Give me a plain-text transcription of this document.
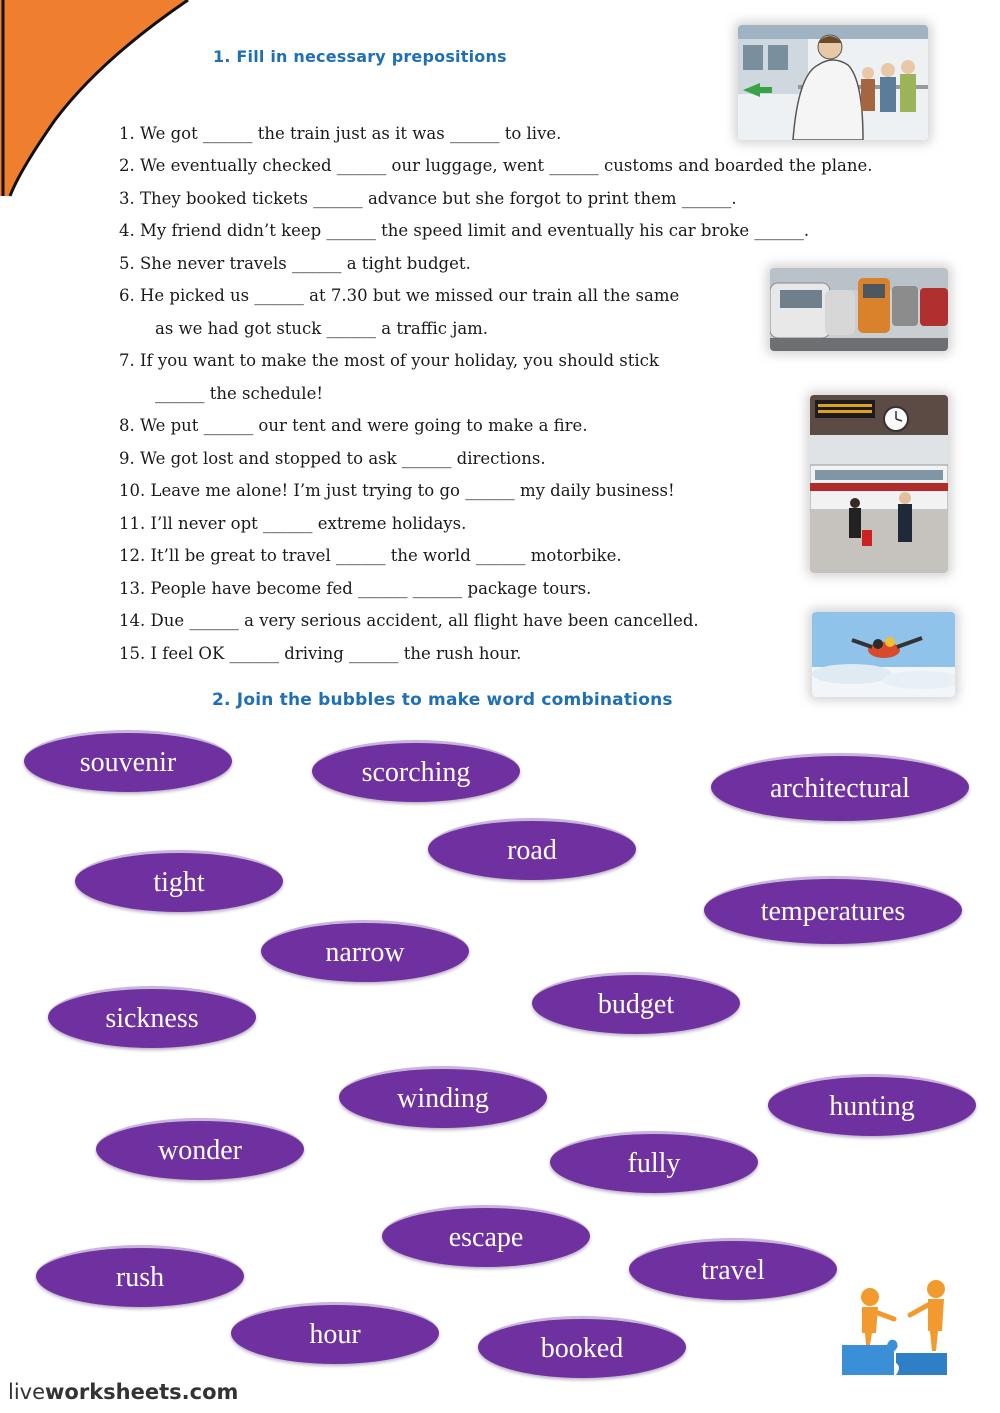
1. Fill in necessary prepositions
1. We got ______ the train just as it was ______ to live.
2. We eventually checked ______ our luggage, went ______ customs and boarded the plane.
3. They booked tickets ______ advance but she forgot to print them ______.
4. My friend didn’t keep ______ the speed limit and eventually his car broke ______.
5. She never travels ______ a tight budget.
6. He picked us ______ at 7.30 but we missed our train all the same
as we had got stuck ______ a traffic jam.
7. If you want to make the most of your holiday, you should stick
______ the schedule!
8. We put ______ our tent and were going to make a fire.
9. We got lost and stopped to ask ______ directions.
10. Leave me alone! I’m just trying to go ______ my daily business!
11. I’ll never opt ______ extreme holidays.
12. It’ll be great to travel ______ the world ______ motorbike.
13. People have become fed ______ ______ package tours.
14. Due ______ a very serious accident, all flight have been cancelled.
15. I feel OK ______ driving ______ the rush hour.
2. Join the bubbles to make word combinations
souvenir	scorching
architectural
road
tight
temperatures
narrow
sickness	budget
winding	hunting
wonder	fully
escape
travel
rush
hour	booked
liveworksheets.com
